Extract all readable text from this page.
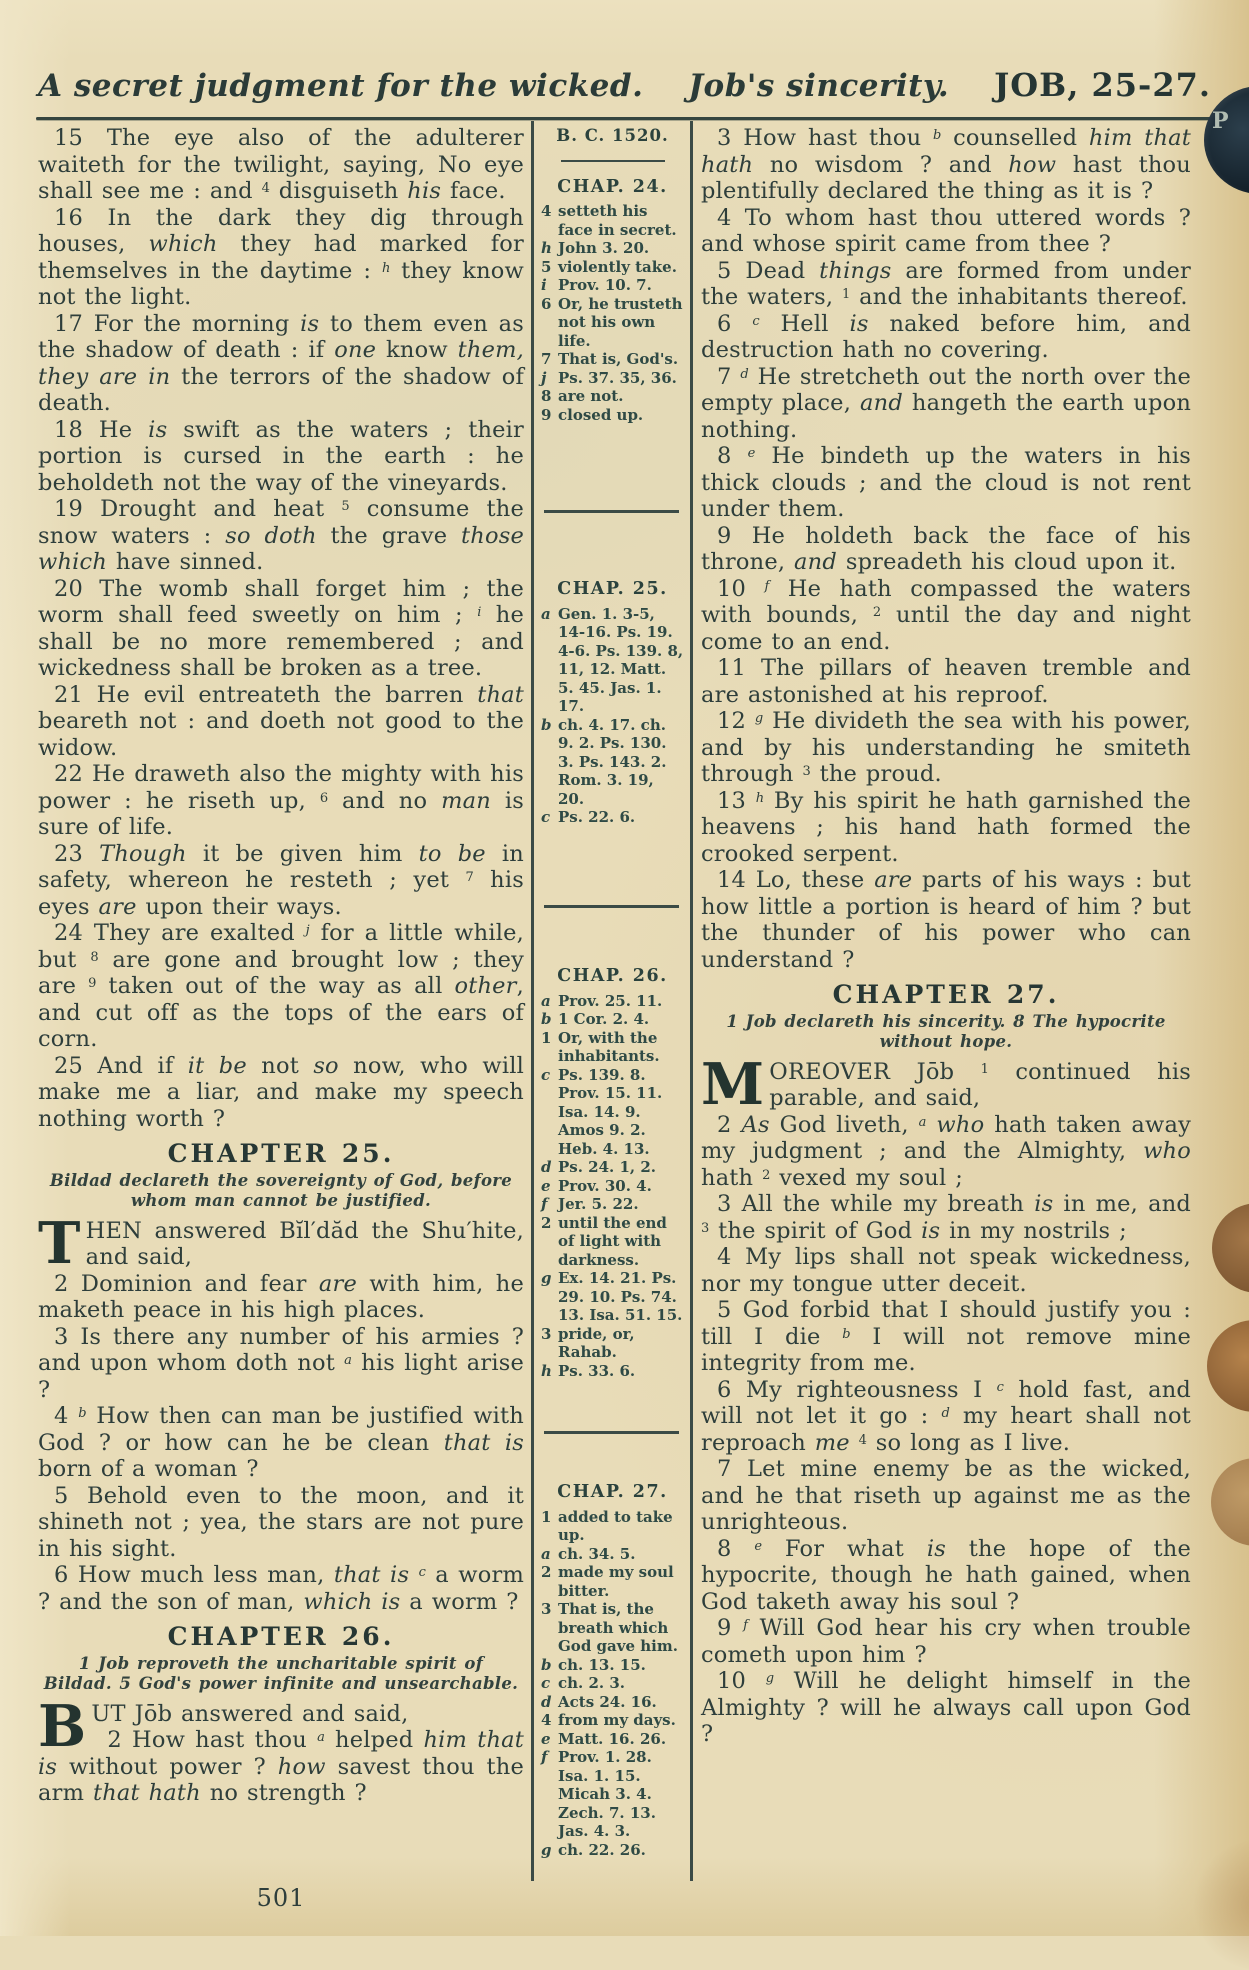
A secret judgment for the wicked. Job's sincerity. JOB, 25-27.

15 The eye also of the adulterer waiteth for the twilight, saying, No eye shall see me : and $^4$ disguiseth his face.

16 In the dark they dig through houses, which they had marked for themselves in the daytime : $^h$ they know not the light.

17 For the morning is to them even as the shadow of death : if one know them, they are in the terrors of the shadow of death.

18 He is swift as the waters ; their portion is cursed in the earth : he beholdeth not the way of the vineyards.

19 Drought and heat $^5$ consume the snow waters : so doth the grave those which have sinned.

20 The womb shall forget him ; the worm shall feed sweetly on him ; $^i$ he shall be no more remembered ; and wickedness shall be broken as a tree.

21 He evil entreateth the barren that beareth not : and doeth not good to the widow.

22 He draweth also the mighty with his power : he riseth up, $^6$ and no man is sure of life.

23 Though it be given him to be in safety, whereon he resteth ; yet $^7$ his eyes are upon their ways.

24 They are exalted $^j$ for a little while, but $^8$ are gone and brought low ; they are $^9$ taken out of the way as all other, and cut off as the tops of the ears of corn.

25 And if it be not so now, who will make me a liar, and make my speech nothing worth ?

CHAPTER 25.
Bildad declareth the sovereignty of God, before whom man cannot be justified.

THEN answered Bĭl′dăd the Shu′hite, and said,

2 Dominion and fear are with him, he maketh peace in his high places.

3 Is there any number of his armies ? and upon whom doth not $^a$ his light arise ?

4 $^b$ How then can man be justified with God ? or how can he be clean that is born of a woman ?

5 Behold even to the moon, and it shineth not ; yea, the stars are not pure in his sight.

6 How much less man, that is $^c$ a worm ? and the son of man, which is a worm ?

CHAPTER 26.
1 Job reproveth the uncharitable spirit of Bildad. 5 God's power infinite and unsearchable.

BUT Jōb answered and said,

2 How hast thou $^a$ helped him that is without power ? how savest thou the arm that hath no strength ?

B. C. 1520.
CHAP. 24.
4 setteth his face in secret.
h John 3. 20.
5 violently take.
i Prov. 10. 7.
6 Or, he trusteth not his own life.
7 That is, God's.
j Ps. 37. 35, 36.
8 are not.
9 closed up.
CHAP. 25.
a Gen. 1. 3-5, 14-16. Ps. 19. 4-6. Ps. 139. 8, 11, 12. Matt. 5. 45. Jas. 1. 17.
b ch. 4. 17. ch. 9. 2. Ps. 130. 3. Ps. 143. 2. Rom. 3. 19, 20.
c Ps. 22. 6.
CHAP. 26.
a Prov. 25. 11.
b 1 Cor. 2. 4.
1 Or, with the inhabitants.
c Ps. 139. 8. Prov. 15. 11. Isa. 14. 9. Amos 9. 2. Heb. 4. 13.
d Ps. 24. 1, 2.
e Prov. 30. 4.
f Jer. 5. 22.
2 until the end of light with darkness.
g Ex. 14. 21. Ps. 29. 10. Ps. 74. 13. Isa. 51. 15.
3 pride, or, Rahab.
h Ps. 33. 6.
CHAP. 27.
1 added to take up.
a ch. 34. 5.
2 made my soul bitter.
3 That is, the breath which God gave him.
b ch. 13. 15.
c ch. 2. 3.
d Acts 24. 16.
4 from my days.
e Matt. 16. 26.
f Prov. 1. 28. Isa. 1. 15. Micah 3. 4. Zech. 7. 13. Jas. 4. 3.
g ch. 22. 26.

3 How hast thou $^b$ counselled him that hath no wisdom ? and how hast thou plentifully declared the thing as it is ?

4 To whom hast thou uttered words ? and whose spirit came from thee ?

5 Dead things are formed from under the waters, $^1$ and the inhabitants thereof.

6 $^c$ Hell is naked before him, and destruction hath no covering.

7 $^d$ He stretcheth out the north over the empty place, and hangeth the earth upon nothing.

8 $^e$ He bindeth up the waters in his thick clouds ; and the cloud is not rent under them.

9 He holdeth back the face of his throne, and spreadeth his cloud upon it.

10 $^f$ He hath compassed the waters with bounds, $^2$ until the day and night come to an end.

11 The pillars of heaven tremble and are astonished at his reproof.

12 $^g$ He divideth the sea with his power, and by his understanding he smiteth through $^3$ the proud.

13 $^h$ By his spirit he hath garnished the heavens ; his hand hath formed the crooked serpent.

14 Lo, these are parts of his ways : but how little a portion is heard of him ? but the thunder of his power who can understand ?

CHAPTER 27.
1 Job declareth his sincerity. 8 The hypocrite without hope.

MOREOVER Jōb $^1$ continued his parable, and said,

2 As God liveth, $^a$ who hath taken away my judgment ; and the Almighty, who hath $^2$ vexed my soul ;

3 All the while my breath is in me, and $^3$ the spirit of God is in my nostrils ;

4 My lips shall not speak wickedness, nor my tongue utter deceit.

5 God forbid that I should justify you : till I die $^b$ I will not remove mine integrity from me.

6 My righteousness I $^c$ hold fast, and will not let it go : $^d$ my heart shall not reproach me $^4$ so long as I live.

7 Let mine enemy be as the wicked, and he that riseth up against me as the unrighteous.

8 $^e$ For what is the hope of the hypocrite, though he hath gained, when God taketh away his soul ?

9 $^f$ Will God hear his cry when trouble cometh upon him ?

10 $^g$ Will he delight himself in the Almighty ? will he always call upon God ?

501
P
